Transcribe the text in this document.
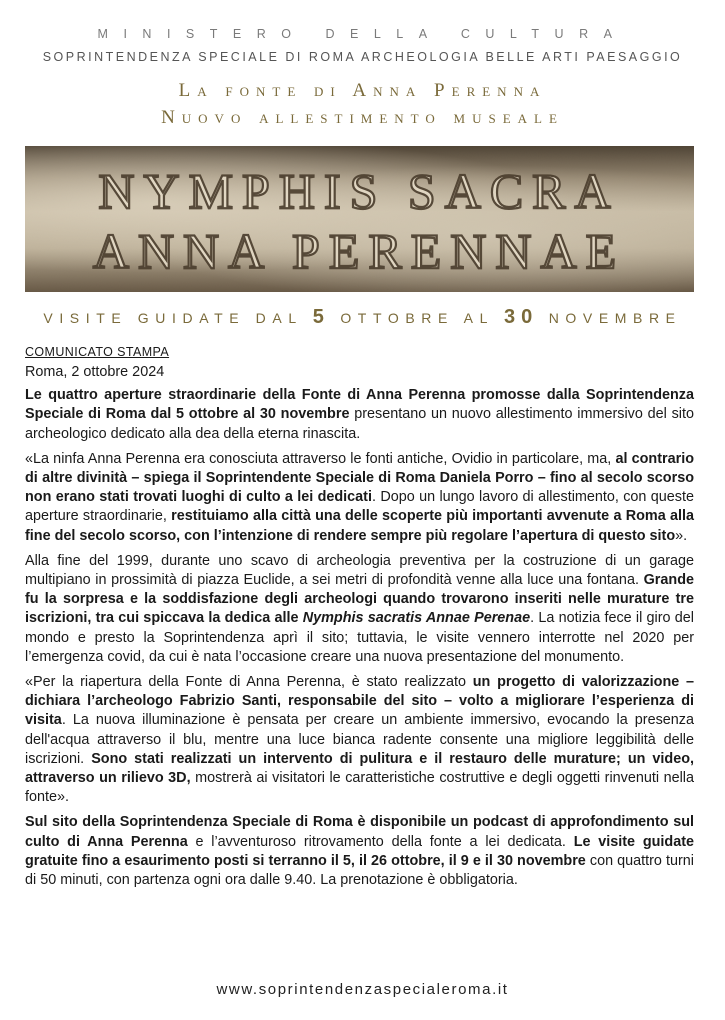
MINISTERO DELLA CULTURA
SOPRINTENDENZA SPECIALE DI ROMA ARCHEOLOGIA BELLE ARTI PAESAGGIO
La fonte di Anna Perenna
Nuovo allestimento museale
NYMPHIS SACRA
ANNA PERENNAE
VISITE GUIDATE DAL 5 OTTOBRE AL 30 NOVEMBRE
COMUNICATO STAMPA
Roma, 2 ottobre 2024

Le quattro aperture straordinarie della Fonte di Anna Perenna promosse dalla Soprintendenza Speciale di Roma dal 5 ottobre al 30 novembre presentano un nuovo allestimento immersivo del sito archeologico dedicato alla dea della eterna rinascita.

«La ninfa Anna Perenna era conosciuta attraverso le fonti antiche, Ovidio in particolare, ma, al contrario di altre divinità – spiega il Soprintendente Speciale di Roma Daniela Porro – fino al secolo scorso non erano stati trovati luoghi di culto a lei dedicati. Dopo un lungo lavoro di allestimento, con queste aperture straordinarie, restituiamo alla città una delle scoperte più importanti avvenute a Roma alla fine del secolo scorso, con l’intenzione di rendere sempre più regolare l’apertura di questo sito».

Alla fine del 1999, durante uno scavo di archeologia preventiva per la costruzione di un garage multipiano in prossimità di piazza Euclide, a sei metri di profondità venne alla luce una fontana. Grande fu la sorpresa e la soddisfazione degli archeologi quando trovarono inseriti nelle murature tre iscrizioni, tra cui spiccava la dedica alle Nymphis sacratis Annae Perenae. La notizia fece il giro del mondo e presto la Soprintendenza aprì il sito; tuttavia, le visite vennero interrotte nel 2020 per l’emergenza covid, da cui è nata l’occasione creare una nuova presentazione del monumento.

«Per la riapertura della Fonte di Anna Perenna, è stato realizzato un progetto di valorizzazione – dichiara l’archeologo Fabrizio Santi, responsabile del sito – volto a migliorare l’esperienza di visita. La nuova illuminazione è pensata per creare un ambiente immersivo, evocando la presenza dell'acqua attraverso il blu, mentre una luce bianca radente consente una migliore leggibilità delle iscrizioni. Sono stati realizzati un intervento di pulitura e il restauro delle murature; un video, attraverso un rilievo 3D, mostrerà ai visitatori le caratteristiche costruttive e degli oggetti rinvenuti nella fonte».

Sul sito della Soprintendenza Speciale di Roma è disponibile un podcast di approfondimento sul culto di Anna Perenna e l’avventuroso ritrovamento della fonte a lei dedicata. Le visite guidate gratuite fino a esaurimento posti si terranno il 5, il 26 ottobre, il 9 e il 30 novembre con quattro turni di 50 minuti, con partenza ogni ora dalle 9.40. La prenotazione è obbligatoria.

www.soprintendenzaspecialeroma.it
